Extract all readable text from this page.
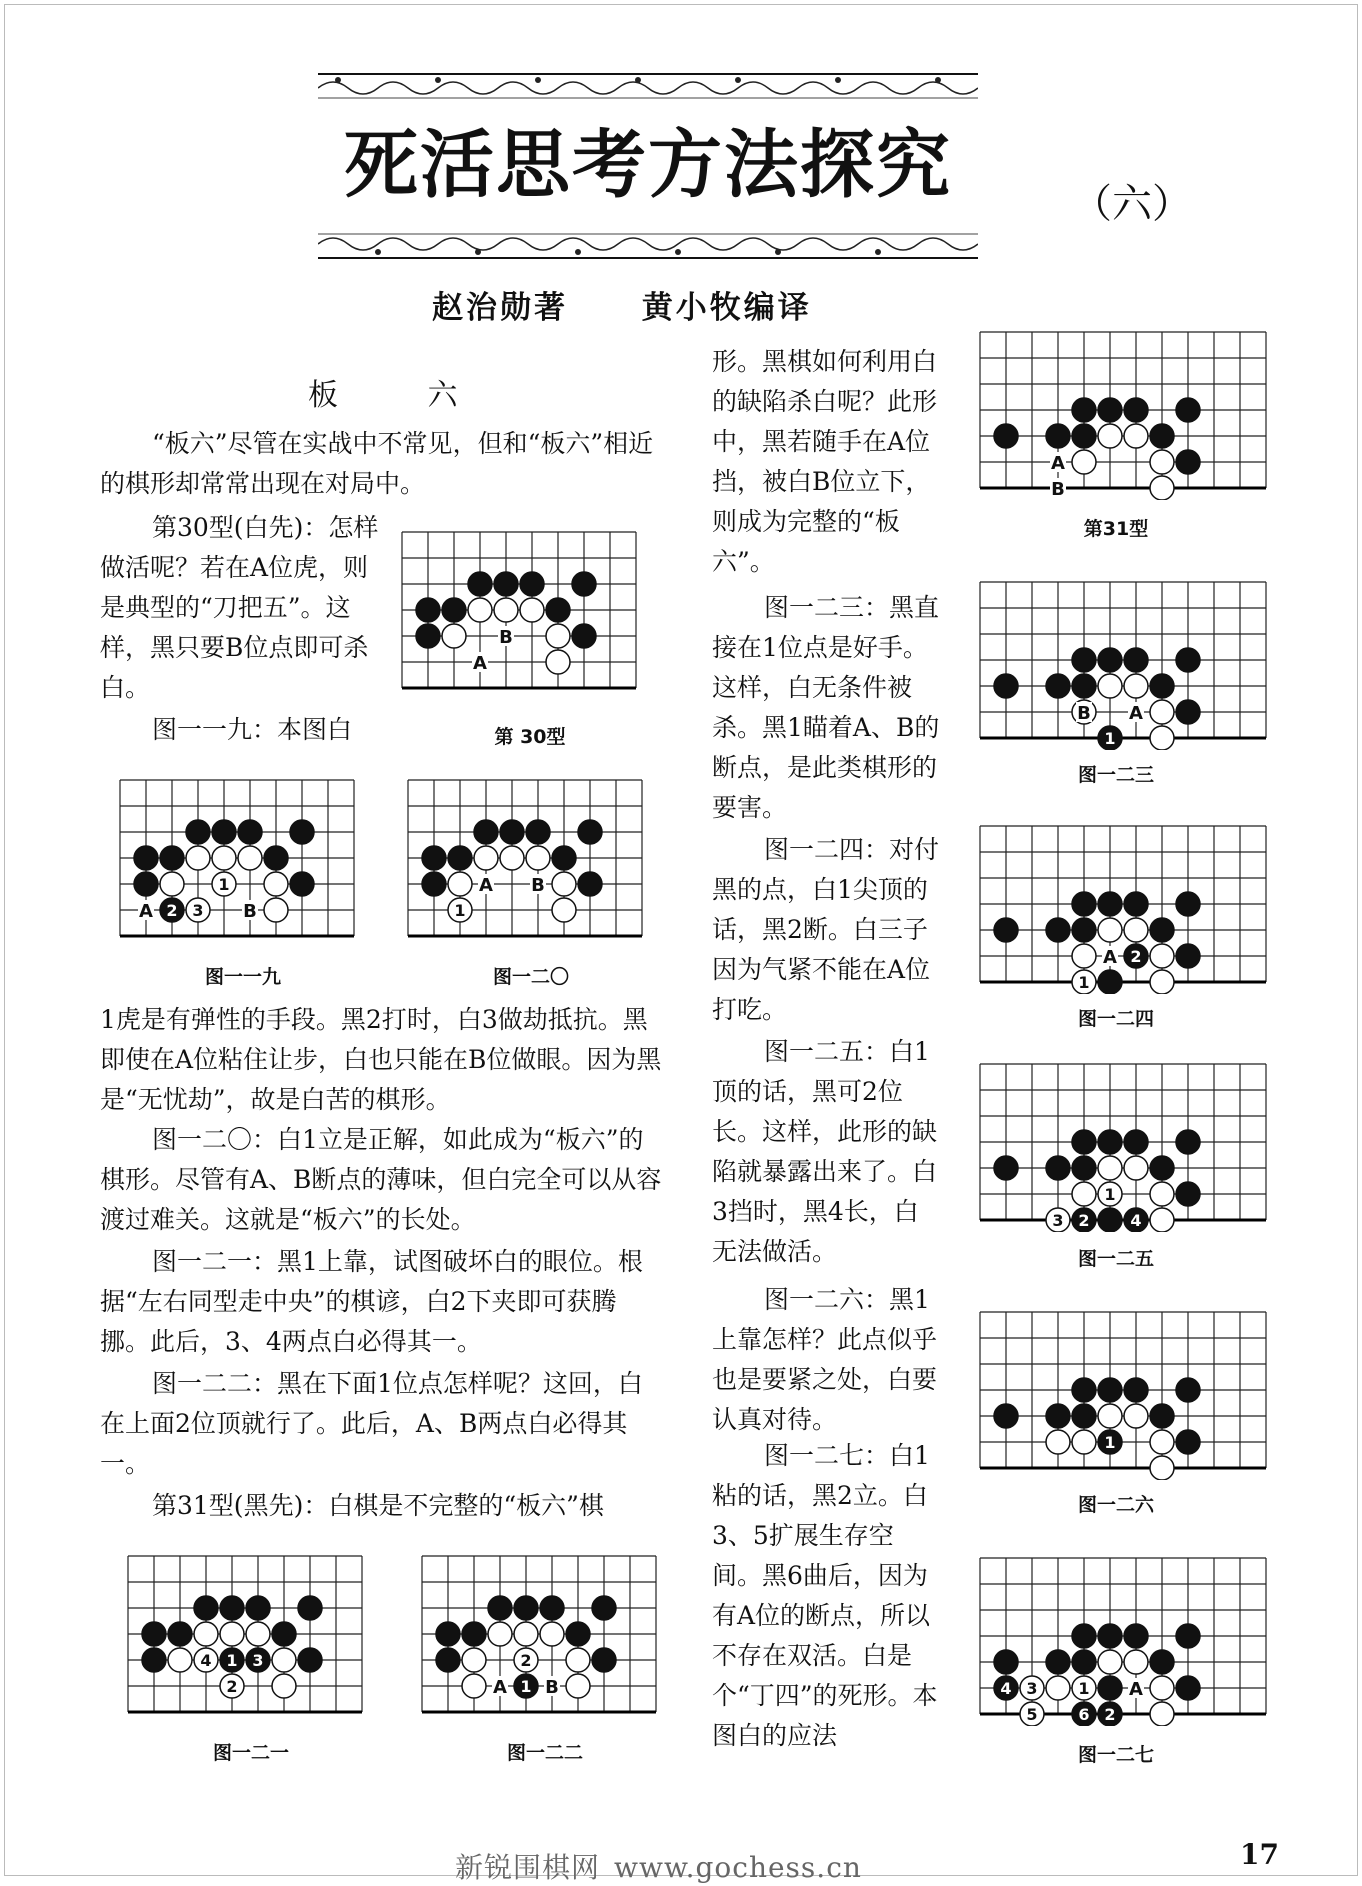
死活思考方法探究	（六）
赵治勋著 黄小牧编译
板 六

“板六”尽管在实战中不常见，但和“板六”相近的棋形却常常出现在对局中。

第30型(白先)：怎样做活呢？若在A位虎，则是典型的“刀把五”。这样，黑只要B位点即可杀白。

图一一九：本图白

1虎是有弹性的手段。黑2打时，白3做劫抵抗。黑即使在A位粘住让步，白也只能在B位做眼。因为黑是“无忧劫”，故是白苦的棋形。

图一二〇：白1立是正解，如此成为“板六”的棋形。尽管有A、B断点的薄味，但白完全可以从容渡过难关。这就是“板六”的长处。

图一二一：黑1上靠，试图破坏白的眼位。根据“左右同型走中央”的棋谚，白2下夹即可获腾挪。此后，3、4两点白必得其一。

图一二二：黑在下面1位点怎样呢？这回，白在上面2位顶就行了。此后，A、B两点白必得其一。

第31型(黑先)：白棋是不完整的“板六”棋

形。黑棋如何利用白的缺陷杀白呢？此形中，黑若随手在A位挡，被白B位立下，则成为完整的“板六”。

图一二三：黑直接在1位点是好手。这样，白无条件被杀。黑1瞄着A、B的断点，是此类棋形的要害。

图一二四：对付黑的点，白1尖顶的话，黑2断。白三子因为气紧不能在A位打吃。

图一二五：白1顶的话，黑可2位长。这样，此形的缺陷就暴露出来了。白3挡时，黑4长，白无法做活。

图一二六：黑1上靠怎样？此点似乎也是要紧之处，白要认真对待。

图一二七：白1粘的话，黑2立。白3、5扩展生存空间。黑6曲后，因为有A位的断点，所以不存在双活。白是个“丁四”的死形。本图白的应法

B
A
第 30型
2
1
3
A	B
图一一九
1
A B
图一二〇
1 3
4
2
图一二一
1
2
A B
图一二二
A
B
第31型
1
B A
图一二三
2
1
A
图一二四
2	4
1
3
图一二五
1
图一二六
4
2
6
1
3
5
A
图一二七
17
新锐围棋网 www.gochess.cn
